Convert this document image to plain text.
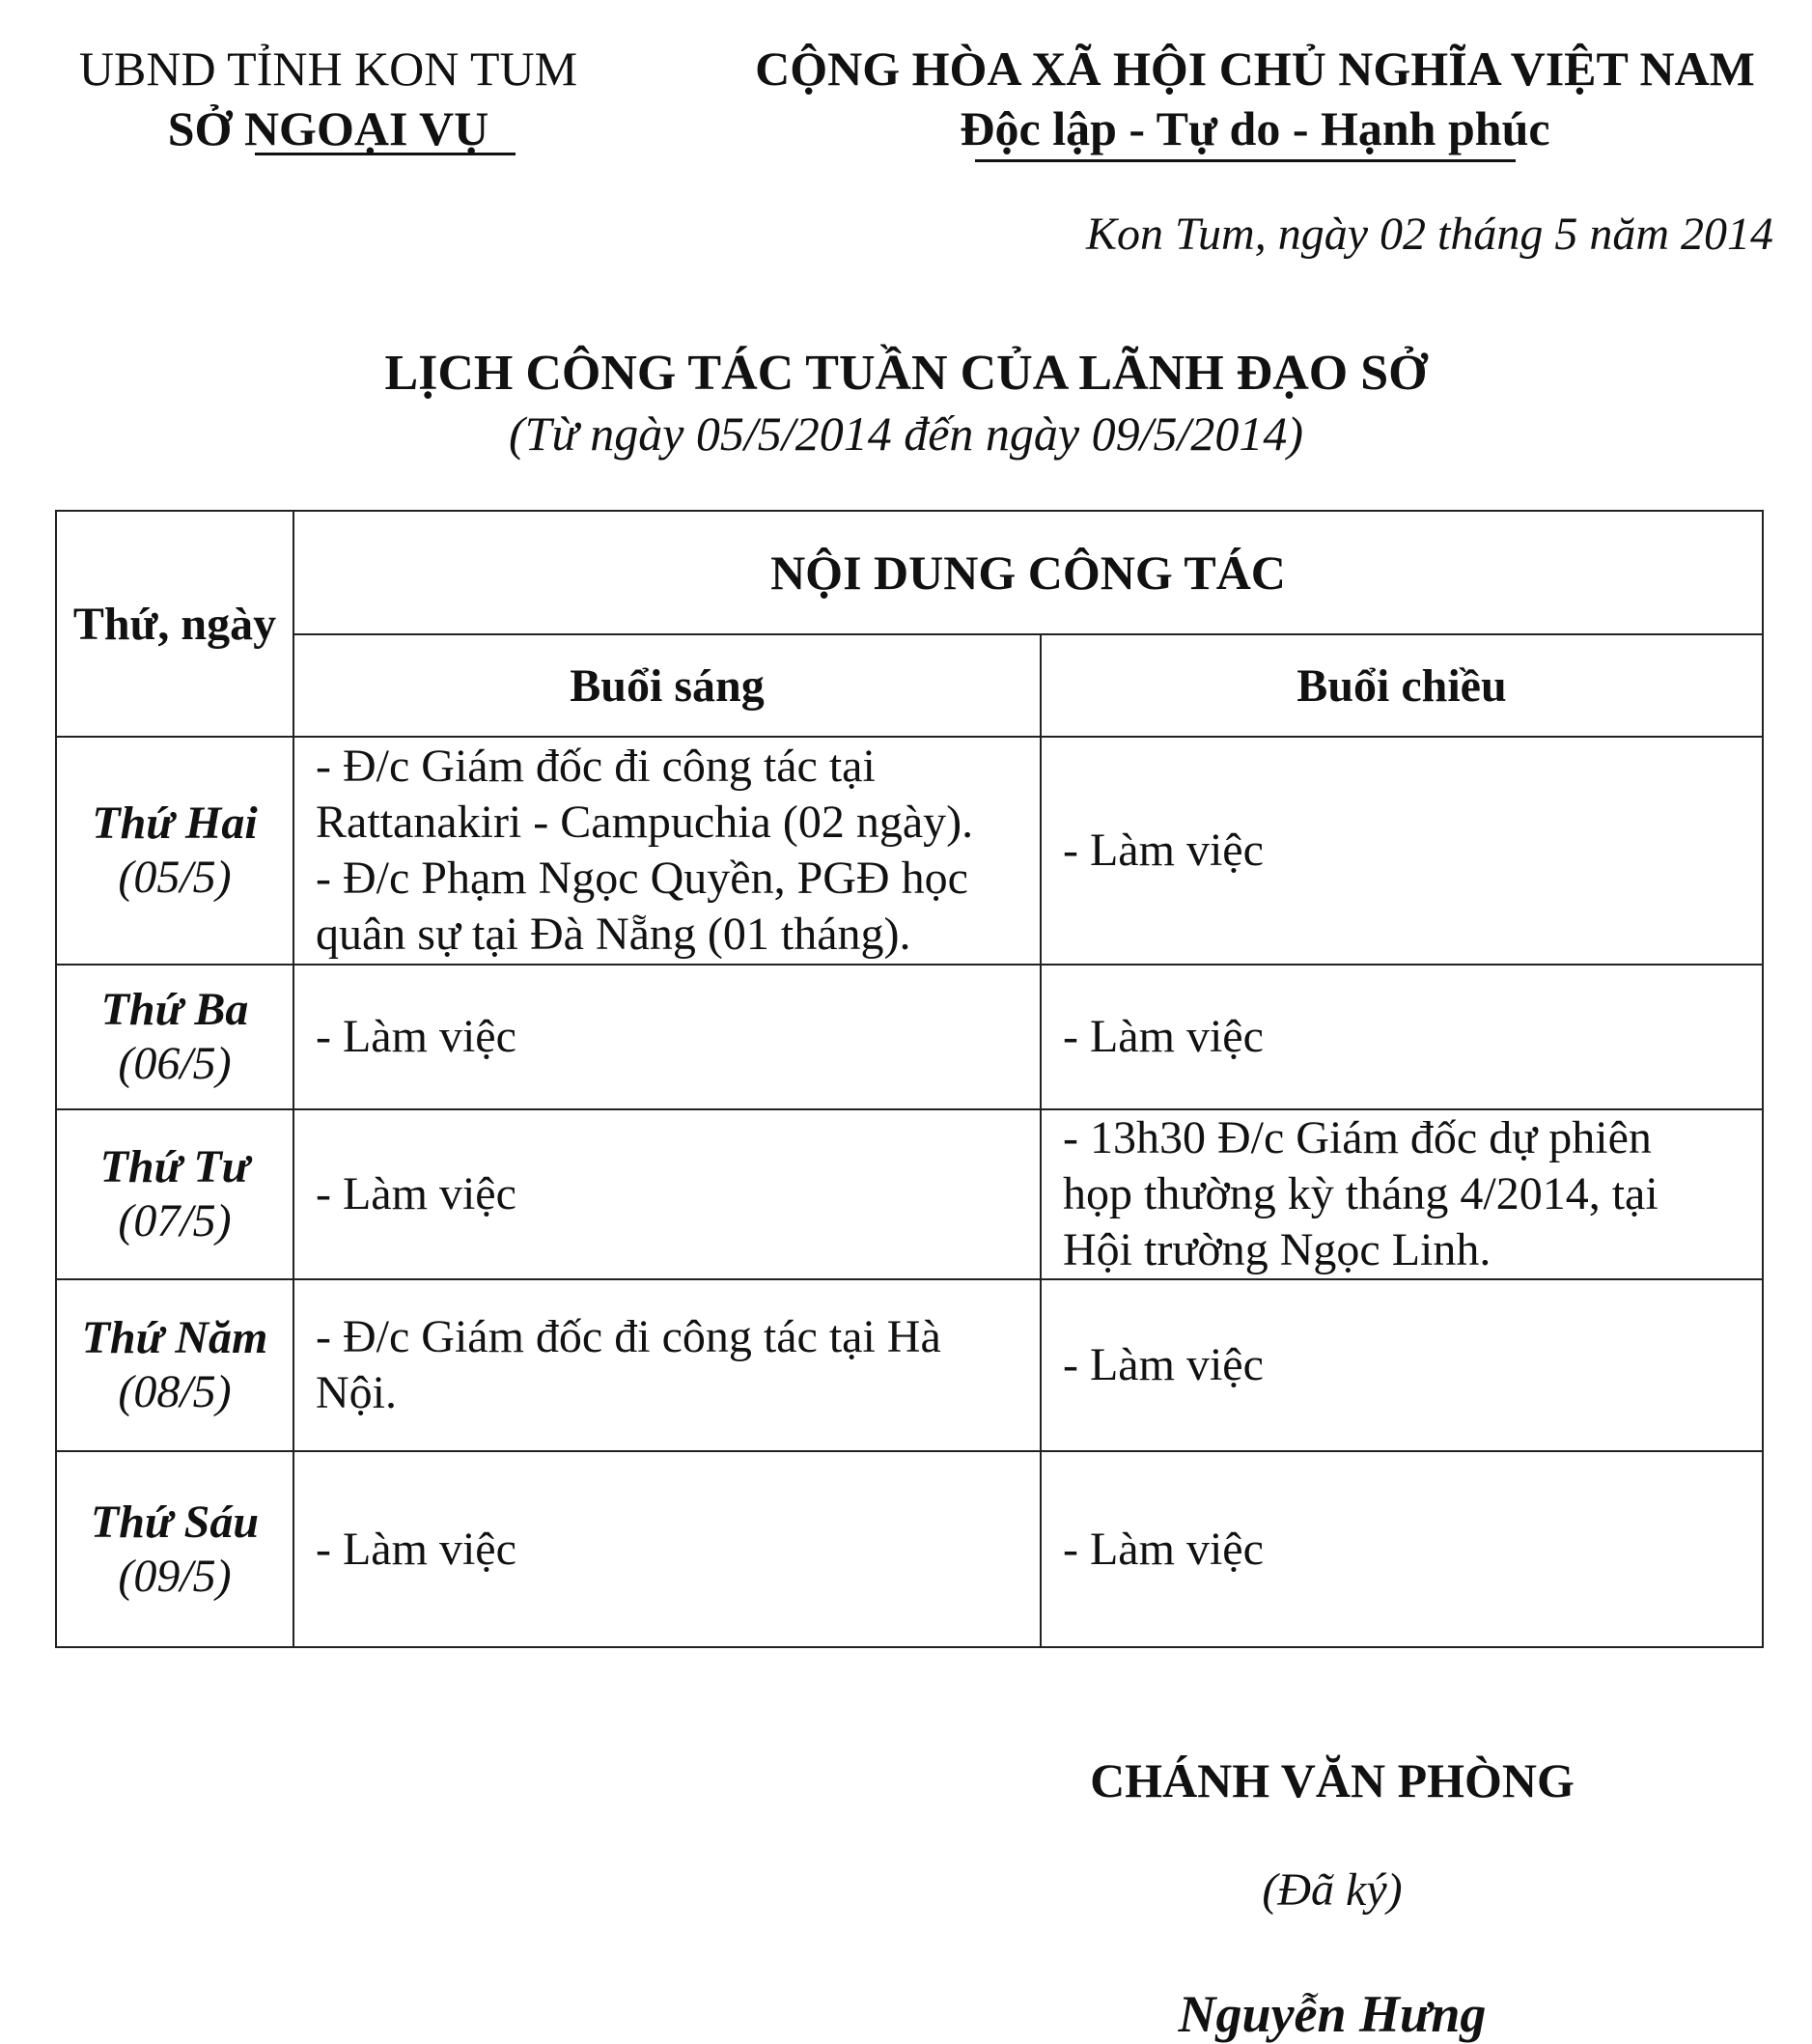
UBND TỈNH KON TUM
SỞ NGOẠI VỤ
CỘNG HÒA XÃ HỘI CHỦ NGHĨA VIỆT NAM
Độc lập - Tự do - Hạnh phúc
Kon Tum, ngày 02 tháng 5 năm 2014
LỊCH CÔNG TÁC TUẦN CỦA LÃNH ĐẠO SỞ
(Từ ngày 05/5/2014 đến ngày 09/5/2014)
Thứ, ngày	NỘI DUNG CÔNG TÁC	
	Buổi sáng	Buổi chiều

Thứ Hai
(05/5)	- Đ/c Giám đốc đi công tác tại
Rattanakiri - Campuchia (02 ngày).
- Đ/c Phạm Ngọc Quyền, PGĐ học
quân sự tại Đà Nẵng (01 tháng).	- Làm việc

Thứ Ba
(06/5)	- Làm việc	- Làm việc

Thứ Tư
(07/5)	- Làm việc	- 13h30 Đ/c Giám đốc dự phiên
họp thường kỳ tháng 4/2014, tại
Hội trường Ngọc Linh.

Thứ Năm
(08/5)	- Đ/c Giám đốc đi công tác tại Hà
Nội.	- Làm việc

Thứ Sáu
(09/5)	- Làm việc	- Làm việc
CHÁNH VĂN PHÒNG
(Đã ký)
Nguyễn Hưng
